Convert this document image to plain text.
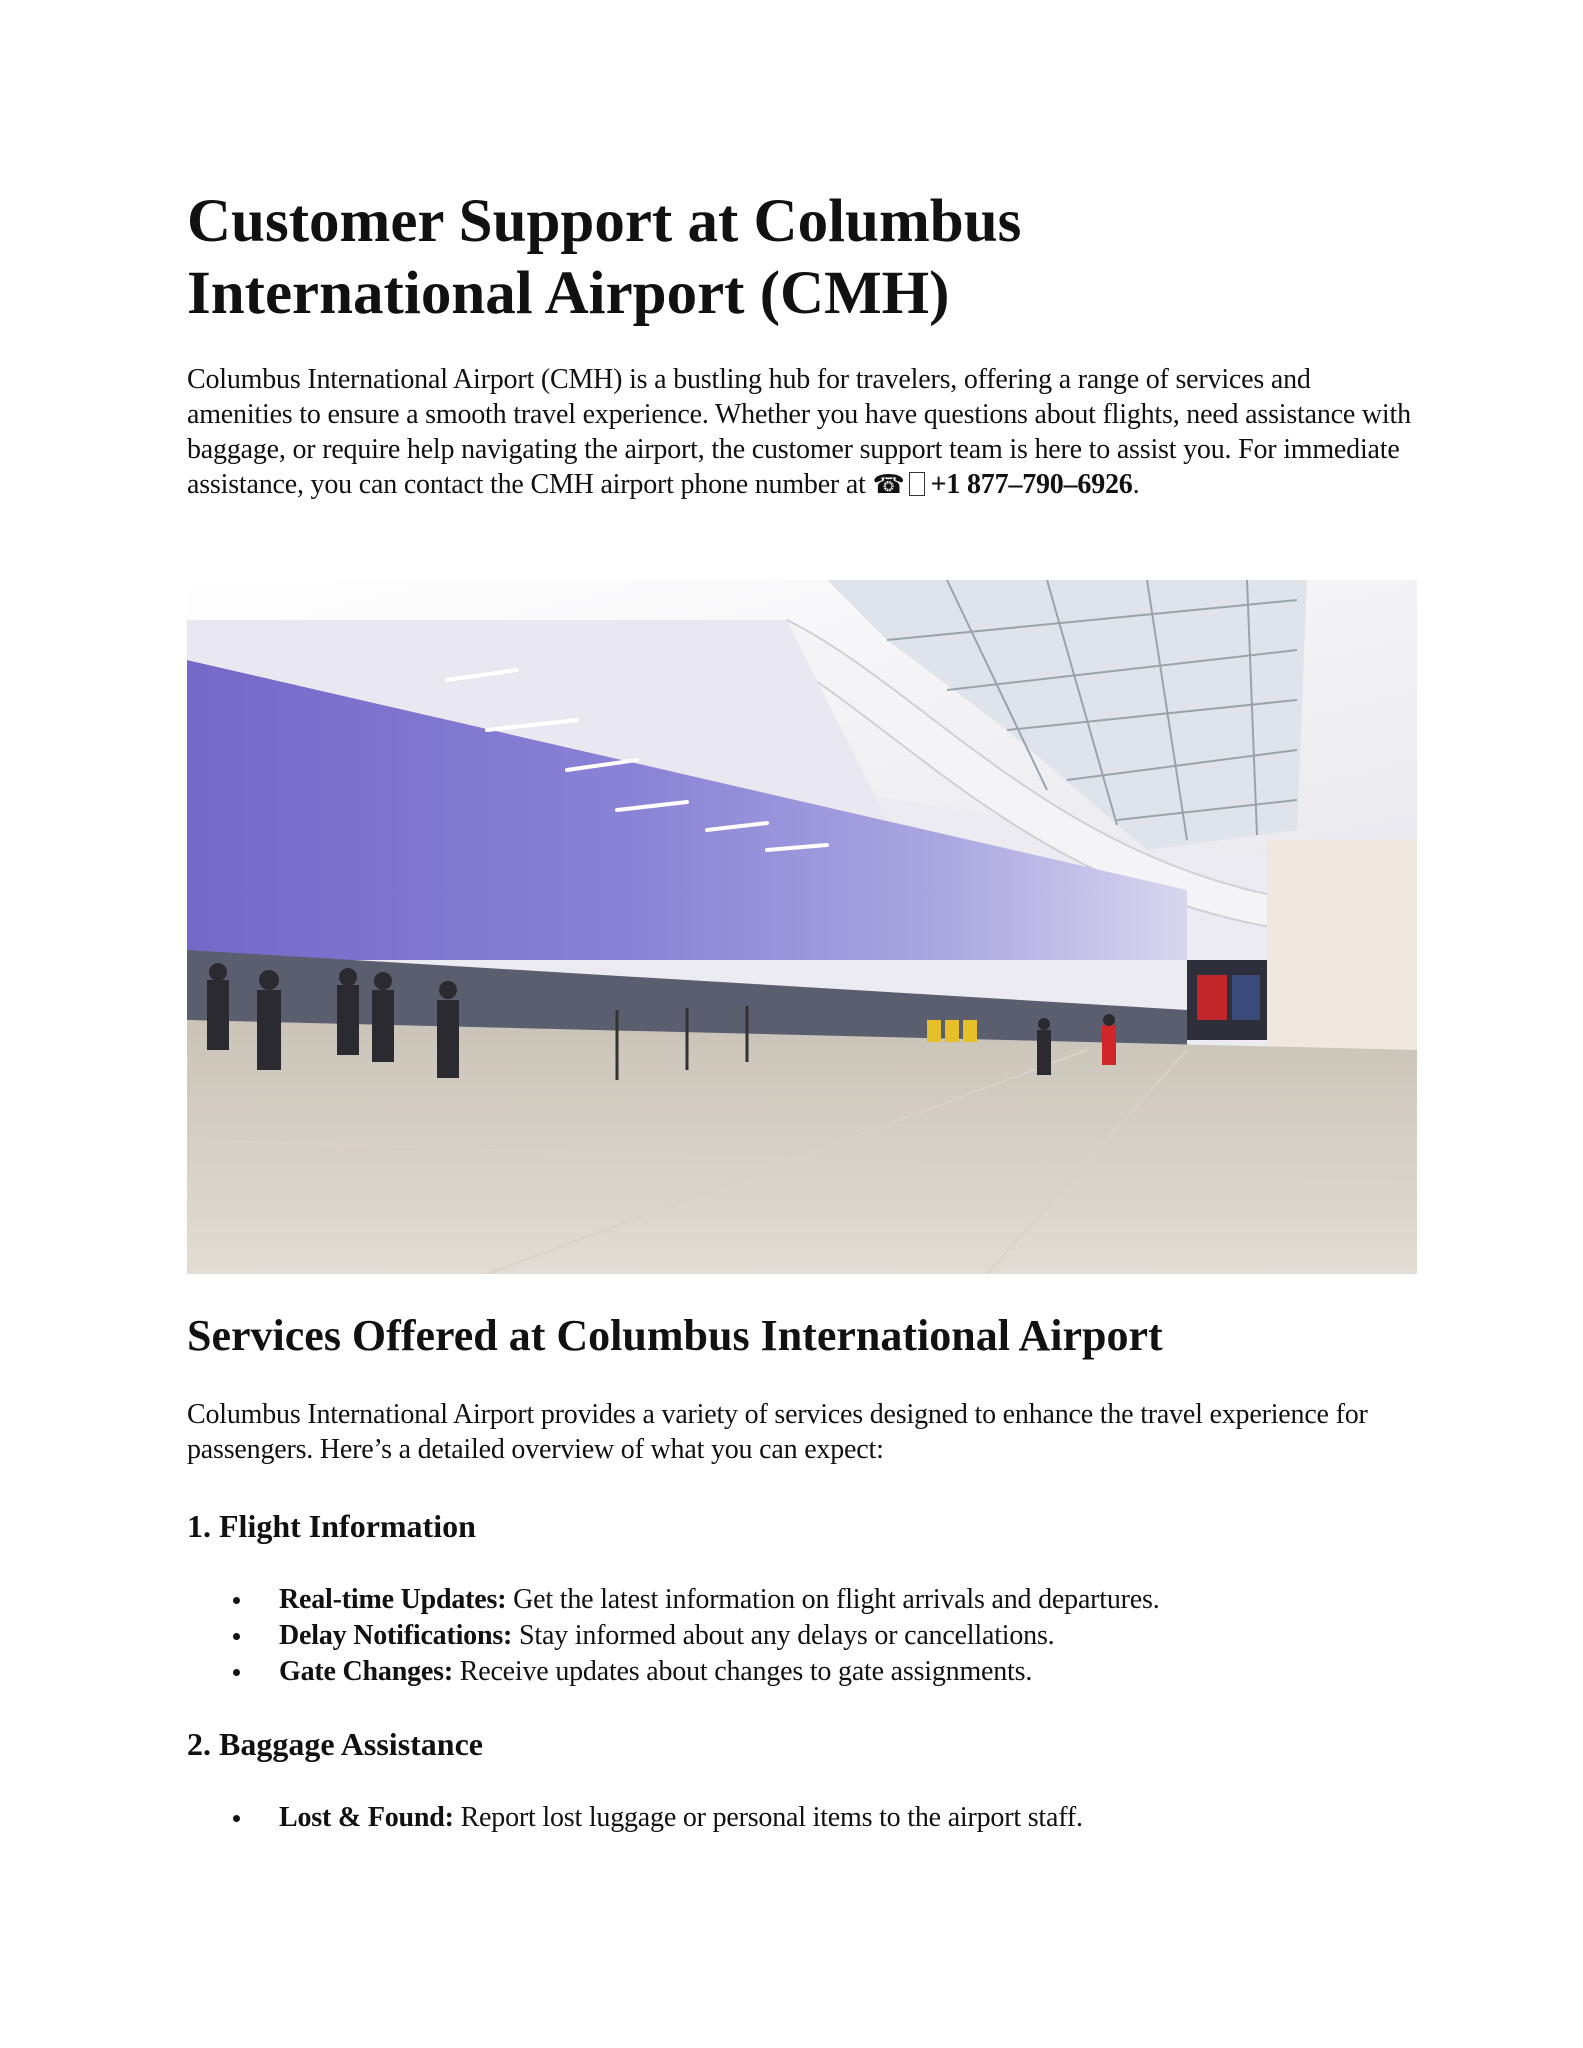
Customer Support at Columbus International Airport (CMH)

Columbus International Airport (CMH) is a bustling hub for travelers, offering a range of services and amenities to ensure a smooth travel experience. Whether you have questions about flights, need assistance with baggage, or require help navigating the airport, the customer support team is here to assist you. For immediate assistance, you can contact the CMH airport phone number at ☎ +1 877–790–6926.

Services Offered at Columbus International Airport

Columbus International Airport provides a variety of services designed to enhance the travel experience for passengers. Here’s a detailed overview of what you can expect:

1. Flight Information
Real-time Updates: Get the latest information on flight arrivals and departures.
Delay Notifications: Stay informed about any delays or cancellations.
Gate Changes: Receive updates about changes to gate assignments.
2. Baggage Assistance
Lost & Found: Report lost luggage or personal items to the airport staff.
